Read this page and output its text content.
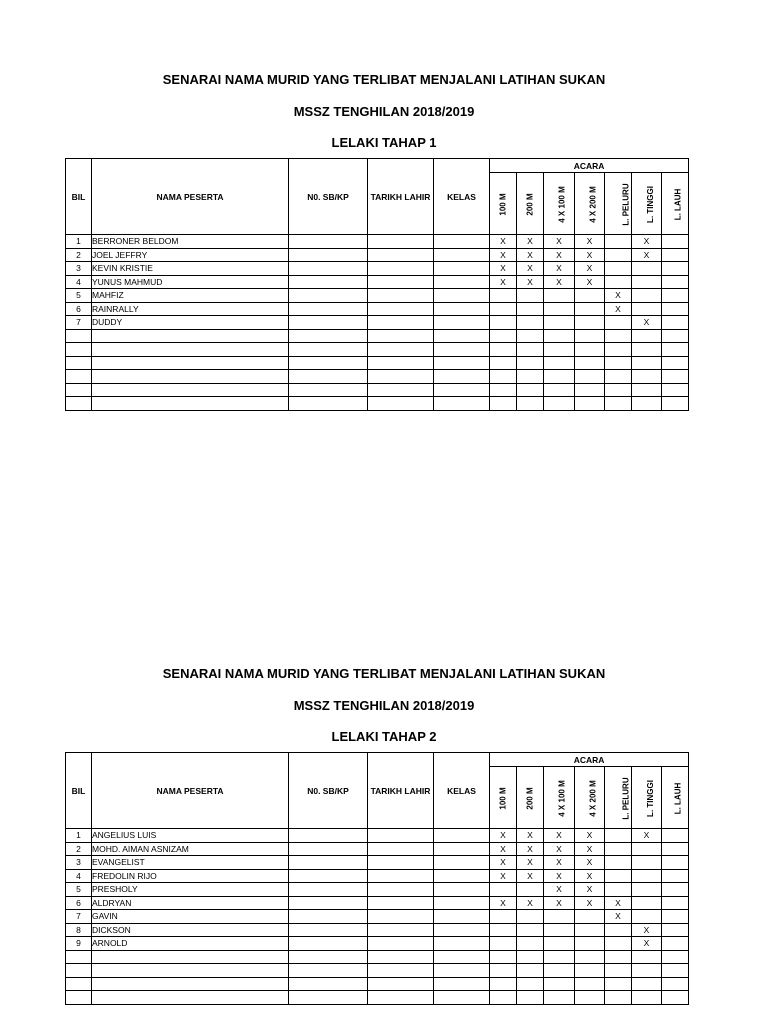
SENARAI NAMA MURID YANG TERLIBAT MENJALANI LATIHAN SUKAN
MSSZ TENGHILAN 2018/2019
LELAKI TAHAP 1
BIL	NAMA PESERTA	N0. SB/KP	TARIKH LAHIR	KELAS	ACARA						
					100 M	200 M	4 X 100 M	4 X 200 M	L. PELURU	L. TINGGI	L. LAUH
1	BERRONER BELDOM				X	X	X	X		X	
2	JOEL JEFFRY				X	X	X	X		X	
3	KEVIN KRISTIE				X	X	X	X			
4	YUNUS MAHMUD				X	X	X	X			
5	MAHFIZ								X		
6	RAINRALLY								X		
7	DUDDY									X	

SENARAI NAMA MURID YANG TERLIBAT MENJALANI LATIHAN SUKAN
MSSZ TENGHILAN 2018/2019
LELAKI TAHAP 2
BIL	NAMA PESERTA	N0. SB/KP	TARIKH LAHIR	KELAS	ACARA						
					100 M	200 M	4 X 100 M	4 X 200 M	L. PELURU	L. TINGGI	L. LAUH
1	ANGELIUS LUIS				X	X	X	X		X	
2	MOHD. AIMAN ASNIZAM				X	X	X	X			
3	EVANGELIST				X	X	X	X			
4	FREDOLIN RIJO				X	X	X	X			
5	PRESHOLY						X	X			
6	ALDRYAN				X	X	X	X	X		
7	GAVIN								X		
8	DICKSON									X	
9	ARNOLD									X	
